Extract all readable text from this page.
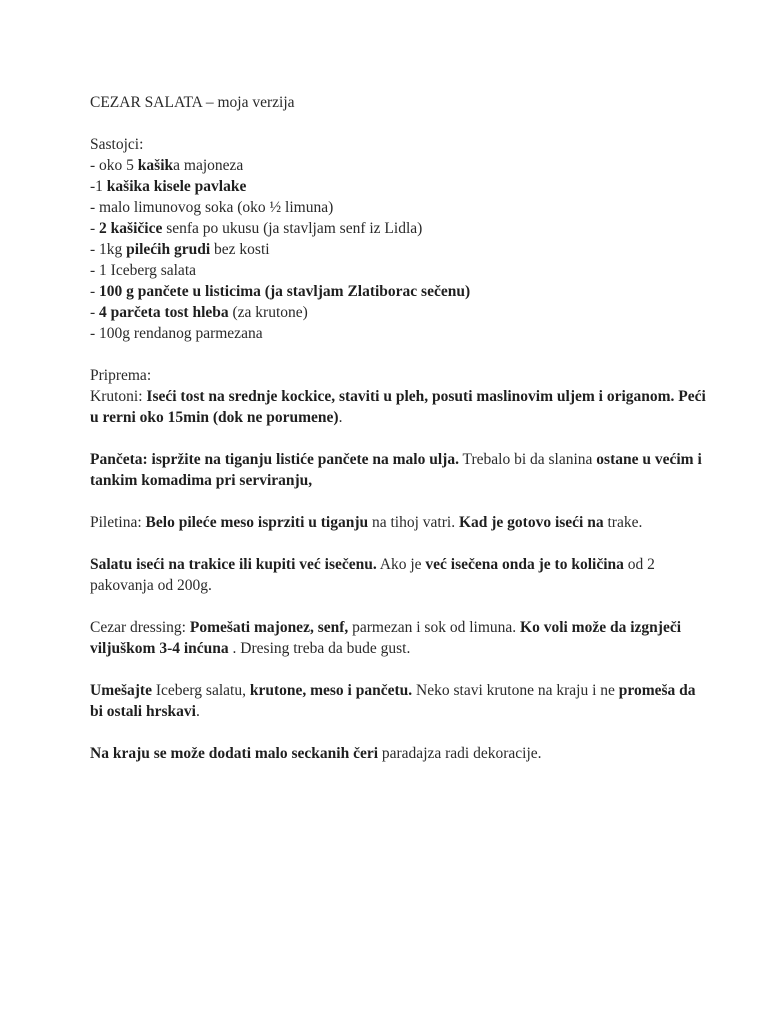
CEZAR SALATA – moja verzija

Sastojci:

- oko 5 kašika majoneza
-1 kašika kisele pavlake
- malo limunovog soka (oko ½ limuna)
- 2 kašičice senfa po ukusu (ja stavljam senf iz Lidla)
- 1kg pilećih grudi bez kosti
- 1 Iceberg salata
- 100 g pančete u listicima (ja stavljam Zlatiborac sečenu)
- 4 parčeta tost hleba (za krutone)
- 100g rendanog parmezana

Priprema:

Krutoni: Iseći tost na srednje kockice, staviti u pleh, posuti maslinovim uljem i origanom. Peći u rerni oko 15min (dok ne porumene).
Pančeta: ispržite na tiganju listiće pančete na malo ulja. Trebalo bi da slanina ostane u većim i tankim komadima pri serviranju,
Piletina: Belo pileće meso isprziti u tiganju na tihoj vatri. Kad je gotovo iseći na trake.
Salatu iseći na trakice ili kupiti već isečenu. Ako je već isečena onda je to količina od 2 pakovanja od 200g.
Cezar dressing: Pomešati majonez, senf, parmezan i sok od limuna. Ko voli može da izgnječi viljuškom 3-4 inćuna . Dresing treba da bude gust.
Umešajte Iceberg salatu, krutone, meso i pančetu. Neko stavi krutone na kraju i ne promeša da bi ostali hrskavi.
Na kraju se može dodati malo seckanih čeri paradajza radi dekoracije.
